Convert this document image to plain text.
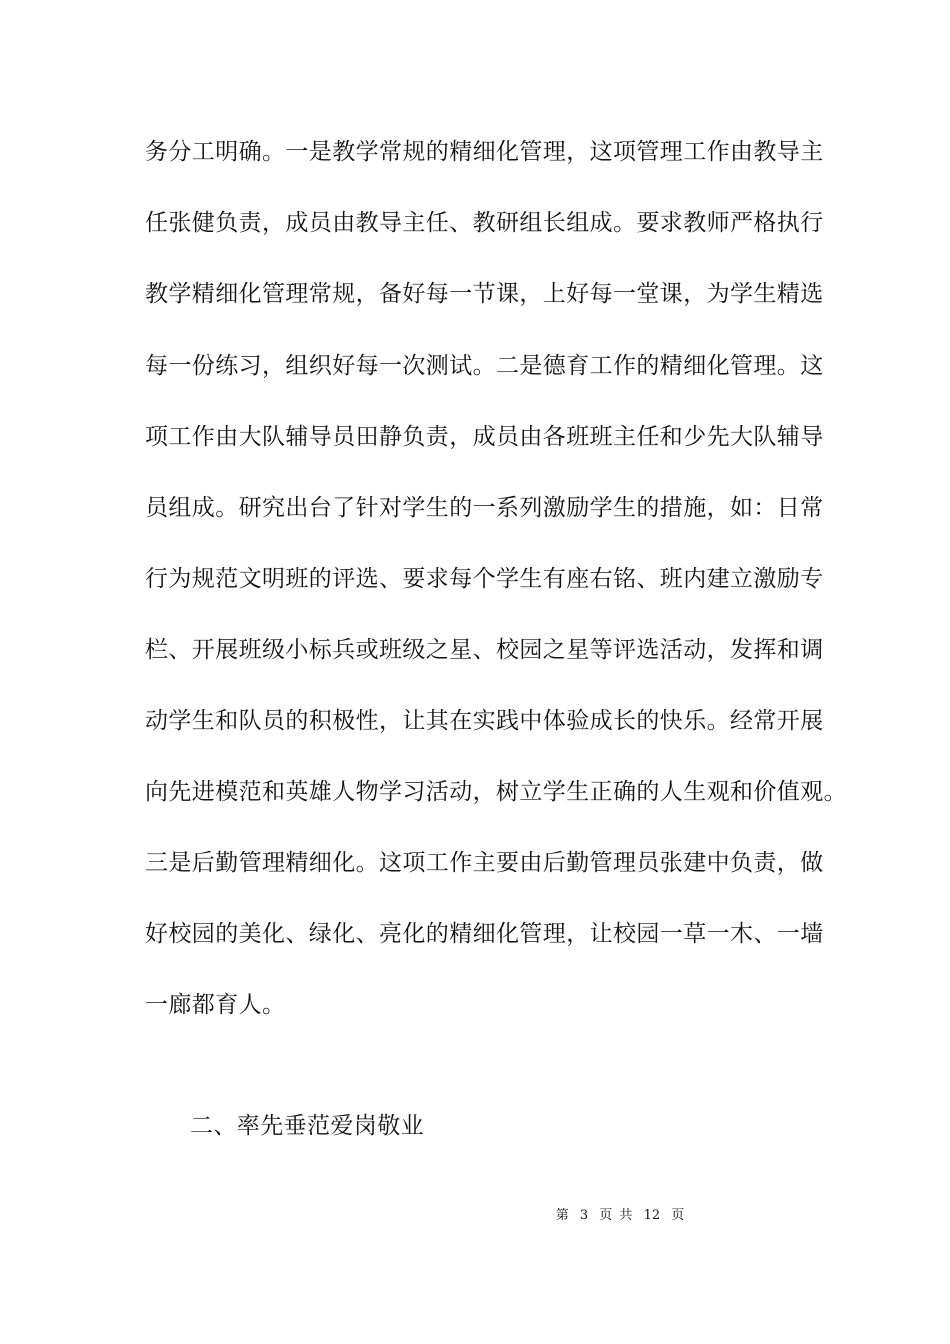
务分工明确。一是教学常规的精细化管理，这项管理工作由教导主
任张健负责，成员由教导主任、教研组长组成。要求教师严格执行
教学精细化管理常规，备好每一节课，上好每一堂课，为学生精选
每一份练习，组织好每一次测试。二是德育工作的精细化管理。这
项工作由大队辅导员田静负责，成员由各班班主任和少先大队辅导
员组成。研究出台了针对学生的一系列激励学生的措施，如：日常
行为规范文明班的评选、要求每个学生有座右铭、班内建立激励专
栏、开展班级小标兵或班级之星、校园之星等评选活动，发挥和调
动学生和队员的积极性，让其在实践中体验成长的快乐。经常开展
向先进模范和英雄人物学习活动，树立学生正确的人生观和价值观。
三是后勤管理精细化。这项工作主要由后勤管理员张建中负责，做
好校园的美化、绿化、亮化的精细化管理，让校园一草一木、一墙
一廊都育人。
二、率先垂范爱岗敬业
第 3 页 共 12 页
